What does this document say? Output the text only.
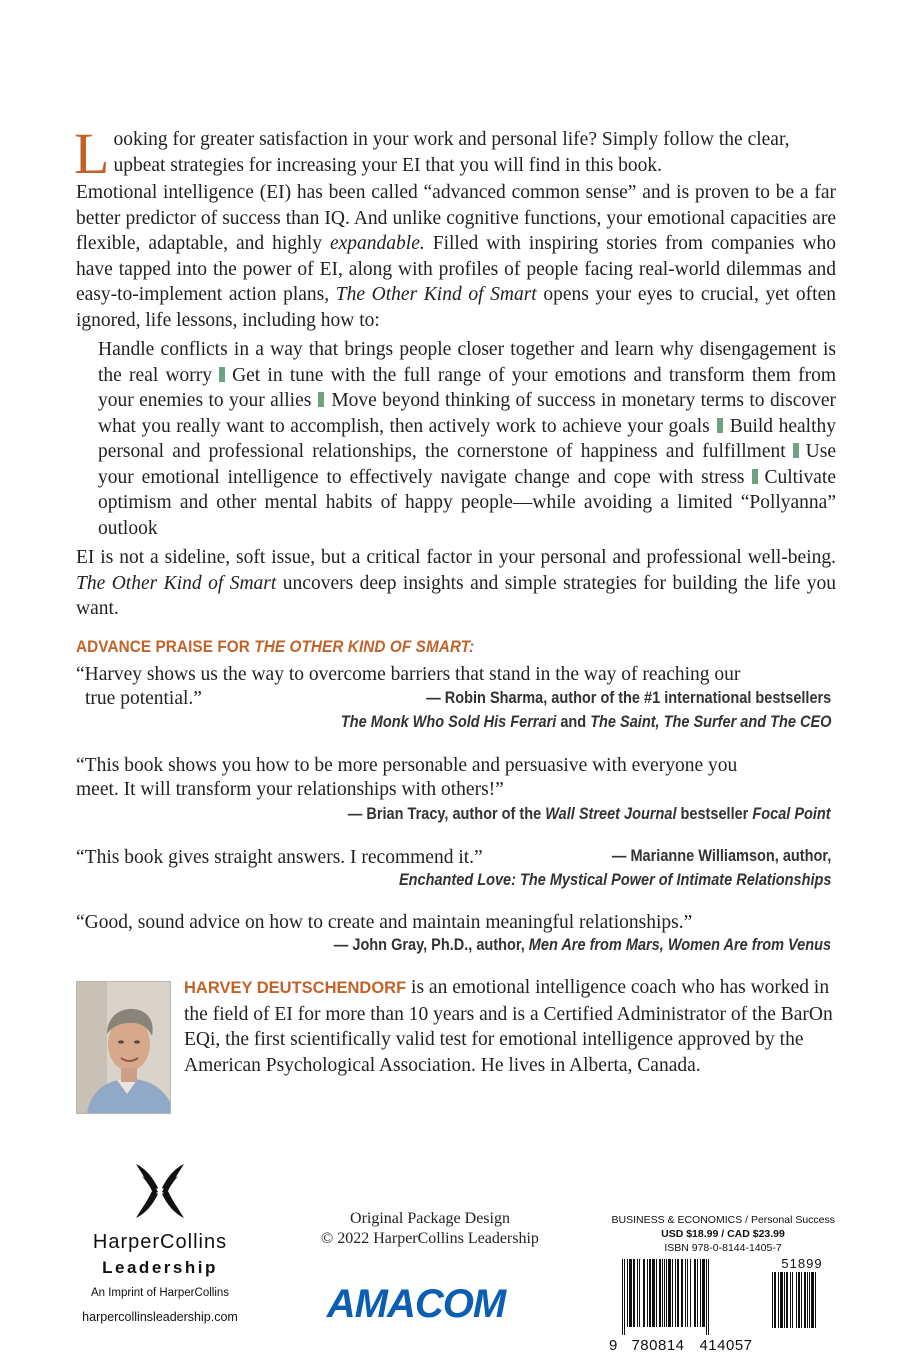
L ooking for greater satisfaction in your work and personal life? Simply follow the clear,
upbeat strategies for increasing your EI that you will find in this book.

Emotional intelligence (EI) has been called “advanced common sense” and is proven to be a far better predictor of success than IQ. And unlike cognitive functions, your emotional capacities are flexible, adaptable, and highly expandable. Filled with inspiring stories from companies who have tapped into the power of EI, along with profiles of people facing real-world dilemmas and easy-to-implement action plans, The Other Kind of Smart opens your eyes to crucial, yet often ignored, life lessons, including how to:

Handle conflicts in a way that brings people closer together and learn why disengagement is the real worry Get in tune with the full range of your emotions and transform them from your enemies to your allies Move beyond thinking of success in monetary terms to discover what you really want to accomplish, then actively work to achieve your goals Build healthy personal and professional relationships, the cornerstone of happiness and fulfillment Use your emotional intelligence to effectively navigate change and cope with stress Cultivate optimism and other mental habits of happy people—while avoiding a limited “Pollyanna” outlook

EI is not a sideline, soft issue, but a critical factor in your personal and professional well-being. The Other Kind of Smart uncovers deep insights and simple strategies for building the life you want.

ADVANCE PRAISE FOR THE OTHER KIND OF SMART:
“Harvey shows us the way to overcome barriers that stand in the way of reaching our
true potential.”	— Robin Sharma, author of the #1 international bestsellers
The Monk Who Sold His Ferrari and The Saint, The Surfer and The CEO
“This book shows you how to be more personable and persuasive with everyone you
meet. It will transform your relationships with others!”
— Brian Tracy, author of the Wall Street Journal bestseller Focal Point
“This book gives straight answers. I recommend it.”	— Marianne Williamson, author,
Enchanted Love: The Mystical Power of Intimate Relationships
“Good, sound advice on how to create and maintain meaningful relationships.”
— John Gray, Ph.D., author, Men Are from Mars, Women Are from Venus
HARVEY DEUTSCHENDORF is an emotional intelligence coach who has worked in the field of EI for more than 10 years and is a Certified Administrator of the BarOn EQi, the first scientifically valid test for emotional intelligence approved by the American Psychological Association. He lives in Alberta, Canada.
HarperCollins
Leadership
An Imprint of HarperCollins
harpercollinsleadership.com
Original Package Design
© 2022 HarperCollins Leadership
AMACOM
BUSINESS & ECONOMICS / Personal Success
USD $18.99 / CAD $23.99
ISBN 978-0-8144-1405-7
51899
9 780814 414057
